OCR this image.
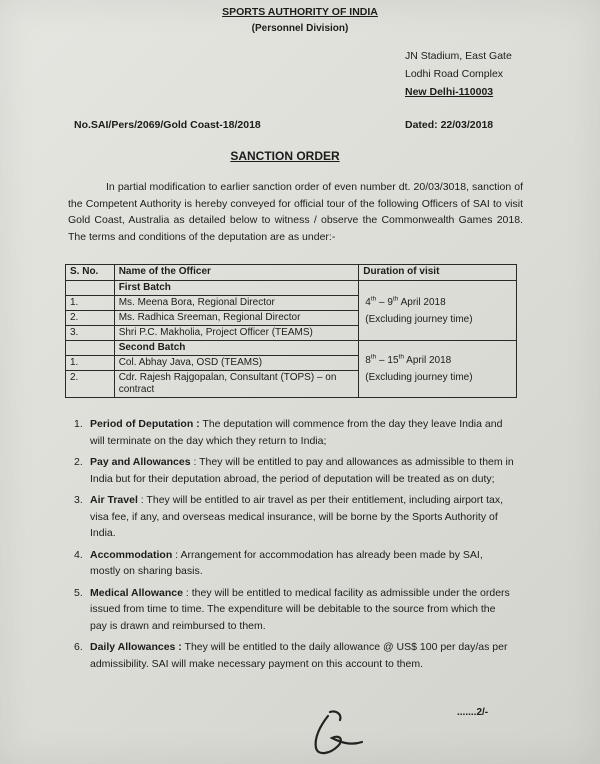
SPORTS AUTHORITY OF INDIA
(Personnel Division)
JN Stadium, East Gate
Lodhi Road Complex
New Delhi-110003
No.SAI/Pers/2069/Gold Coast-18/2018	Dated: 22/03/2018
SANCTION ORDER
In partial modification to earlier sanction order of even number dt. 20/03/3018, sanction of the Competent Authority is hereby conveyed for official tour of the following Officers of SAI to visit Gold Coast, Australia as detailed below to witness / observe the Commonwealth Games 2018. The terms and conditions of the deputation are as under:-
S. No.	Name of the Officer	Duration of visit
	First Batch	4th – 9th April 2018
(Excluding journey time)
1.	Ms. Meena Bora, Regional Director	
2.	Ms. Radhica Sreeman, Regional Director	
3.	Shri P.C. Makholia, Project Officer (TEAMS)	
	Second Batch	8th – 15th April 2018
(Excluding journey time)
1.	Col. Abhay Java, OSD (TEAMS)	
2.	Cdr. Rajesh Rajgopalan, Consultant (TOPS) – on contract	
1. Period of Deputation : The deputation will commence from the day they leave India and will terminate on the day which they return to India;
2. Pay and Allowances : They will be entitled to pay and allowances as admissible to them in India but for their deputation abroad, the period of deputation will be treated as on duty;
3. Air Travel : They will be entitled to air travel as per their entitlement, including airport tax, visa fee, if any, and overseas medical insurance, will be borne by the Sports Authority of India.
4. Accommodation : Arrangement for accommodation has already been made by SAI, mostly on sharing basis.
5. Medical Allowance : they will be entitled to medical facility as admissible under the orders issued from time to time. The expenditure will be debitable to the source from which the pay is drawn and reimbursed to them.
6. Daily Allowances : They will be entitled to the daily allowance @ US$ 100 per day/as per admissibility. SAI will make necessary payment on this account to them.
.......2/-
